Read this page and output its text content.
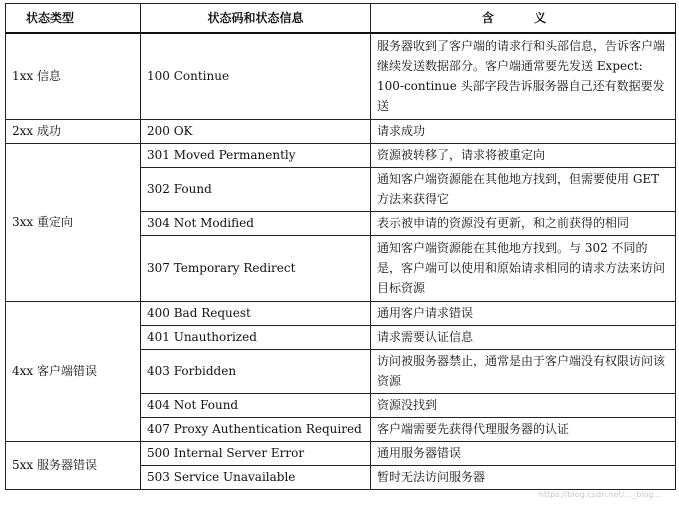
状态类型	状态码和状态信息	含 义
1xx 信息	100 Continue	服务器收到了客户端的请求行和头部信息，告诉客户端继续发送数据部分。客户端通常要先发送 Expect: 100-continue 头部字段告诉服务器自己还有数据要发送
2xx 成功	200 OK	请求成功
3xx 重定向	301 Moved Permanently	资源被转移了，请求将被重定向
	302 Found	通知客户端资源能在其他地方找到，但需要使用 GET 方法来获得它
	304 Not Modified	表示被申请的资源没有更新，和之前获得的相同
	307 Temporary Redirect	通知客户端资源能在其他地方找到。与 302 不同的是，客户端可以使用和原始请求相同的请求方法来访问目标资源
4xx 客户端错误	400 Bad Request	通用客户请求错误
	401 Unauthorized	请求需要认证信息
	403 Forbidden	访问被服务器禁止，通常是由于客户端没有权限访问该资源
	404 Not Found	资源没找到
	407 Proxy Authentication Required	客户端需要先获得代理服务器的认证
5xx 服务器错误	500 Internal Server Error	通用服务器错误
	503 Service Unavailable	暂时无法访问服务器
https://blog.csdn.net/..._blog...
